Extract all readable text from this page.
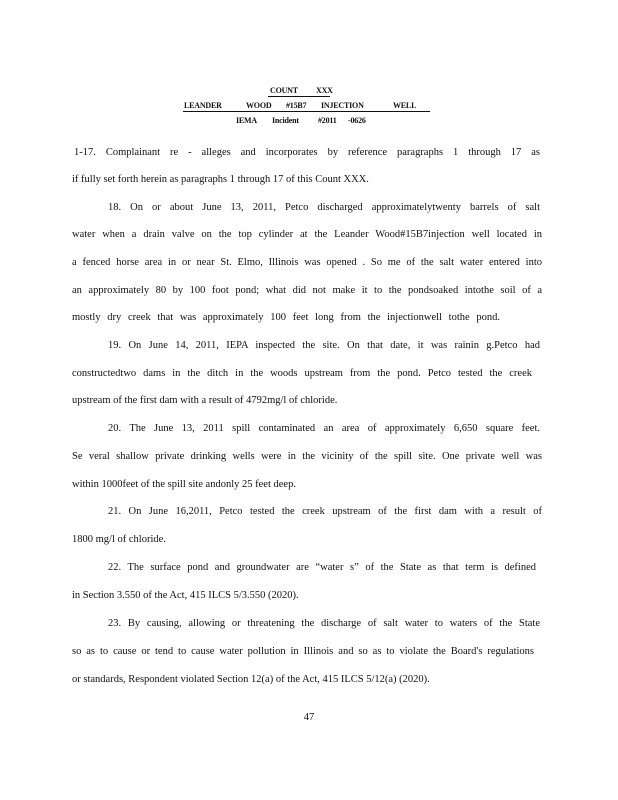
COUNT XXX
LEANDER	WOOD #15B7 INJECTION	WELL
IEMA Incident #2011 -0626
1-17. Complainant re - alleges and incorporates by reference paragraphs 1 through 17 as
if fully set forth herein as paragraphs 1 through 17 of this Count XXX.
18. On or about June 13, 2011, Petco discharged approximatelytwenty barrels of salt
water when a drain valve on the top cylinder at the Leander Wood#15B7injection well located in
a fenced horse area in or near St. Elmo, Illinois was opened . So me of the salt water entered into
an approximately 80 by 100 foot pond; what did not make it to the pondsoaked intothe soil of a
mostly dry creek that was approximately 100 feet long from the injectionwell tothe pond.
19. On June 14, 2011, IEPA inspected the site. On that date, it was rainin g.Petco had
constructedtwo dams in the ditch in the woods upstream from the pond. Petco tested the creek
upstream of the first dam with a result of 4792mg/l of chloride.
20. The June 13, 2011 spill contaminated an area of approximately 6,650 square feet.
Se veral shallow private drinking wells were in the vicinity of the spill site. One private well was
within 1000feet of the spill site andonly 25 feet deep.
21. On June 16,2011, Petco tested the creek upstream of the first dam with a result of
1800 mg/l of chloride.
22. The surface pond and groundwater are “water s” of the State as that term is defined
in Section 3.550 of the Act, 415 ILCS 5/3.550 (2020).
23. By causing, allowing or threatening the discharge of salt water to waters of the State
so as to cause or tend to cause water pollution in Illinois and so as to violate the Board's regulations
or standards, Respondent violated Section 12(a) of the Act, 415 ILCS 5/12(a) (2020).
47
